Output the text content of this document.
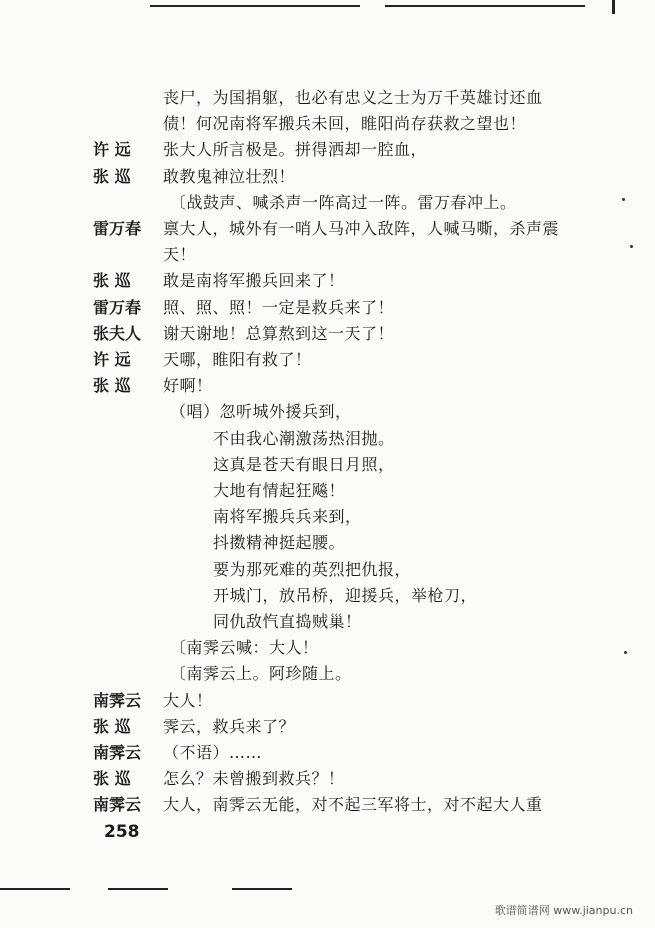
丧尸，为国捐躯，也必有忠义之士为万千英雄讨还血
债！何况南将军搬兵未回，睢阳尚存获救之望也！
许 远 张大人所言极是。拼得洒却一腔血，
张 巡 敢教鬼神泣壮烈！
〔战鼓声、喊杀声一阵高过一阵。雷万春冲上。
雷万春 禀大人，城外有一哨人马冲入敌阵，人喊马嘶，杀声震
天！
张 巡 敢是南将军搬兵回来了！
雷万春 照、照、照！一定是救兵来了！
张夫人 谢天谢地！总算熬到这一天了！
许 远 天哪，睢阳有救了！
张 巡 好啊！
（唱）忽听城外援兵到，
不由我心潮激荡热泪抛。
这真是苍天有眼日月照，
大地有情起狂飚！
南将军搬兵兵来到，
抖擞精神挺起腰。
要为那死难的英烈把仇报，
开城门，放吊桥，迎援兵，举枪刀，
同仇敌忾直捣贼巢！
〔南霁云喊：大人！
〔南霁云上。阿珍随上。
南霁云 大人！
张 巡 霁云，救兵来了？
南霁云 （不语）……
张 巡 怎么？未曾搬到救兵？！
南霁云 大人，南霁云无能，对不起三军将士，对不起大人重
258
歌谱简谱网 www.jianpu.cn
